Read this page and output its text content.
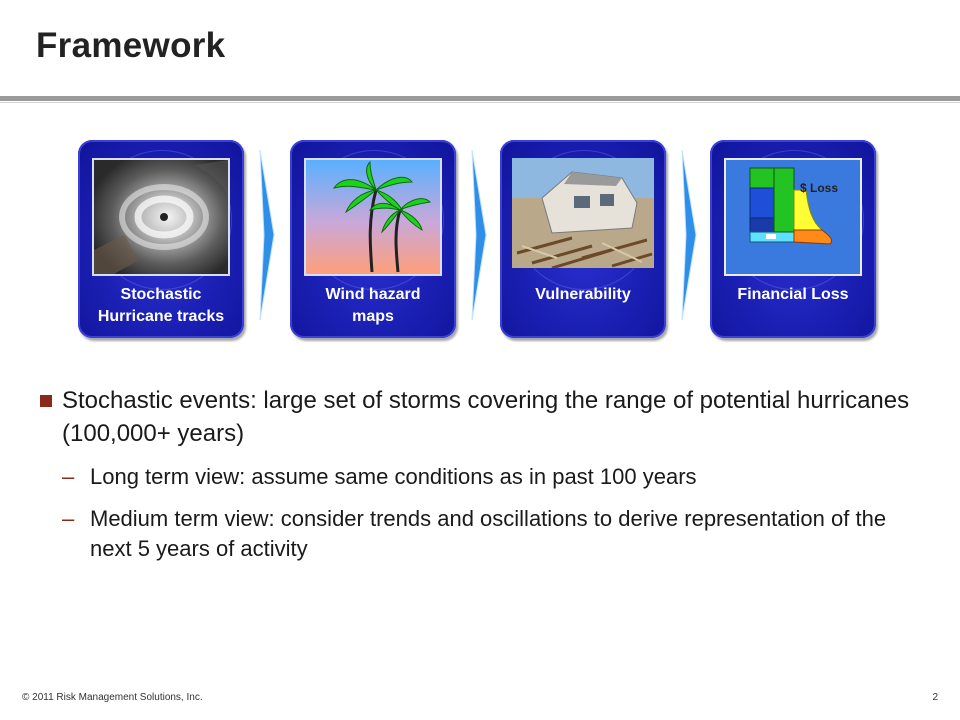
Framework
Stochastic
Hurricane tracks
Wind hazard
maps
Vulnerability
$ Loss
Financial Loss
Stochastic events: large set of storms covering the range of potential hurricanes (100,000+ years)
– Long term view: assume same conditions as in past 100 years
– Medium term view: consider trends and oscillations to derive representation of the next 5 years of activity
© 2011 Risk Management Solutions, Inc.	2
